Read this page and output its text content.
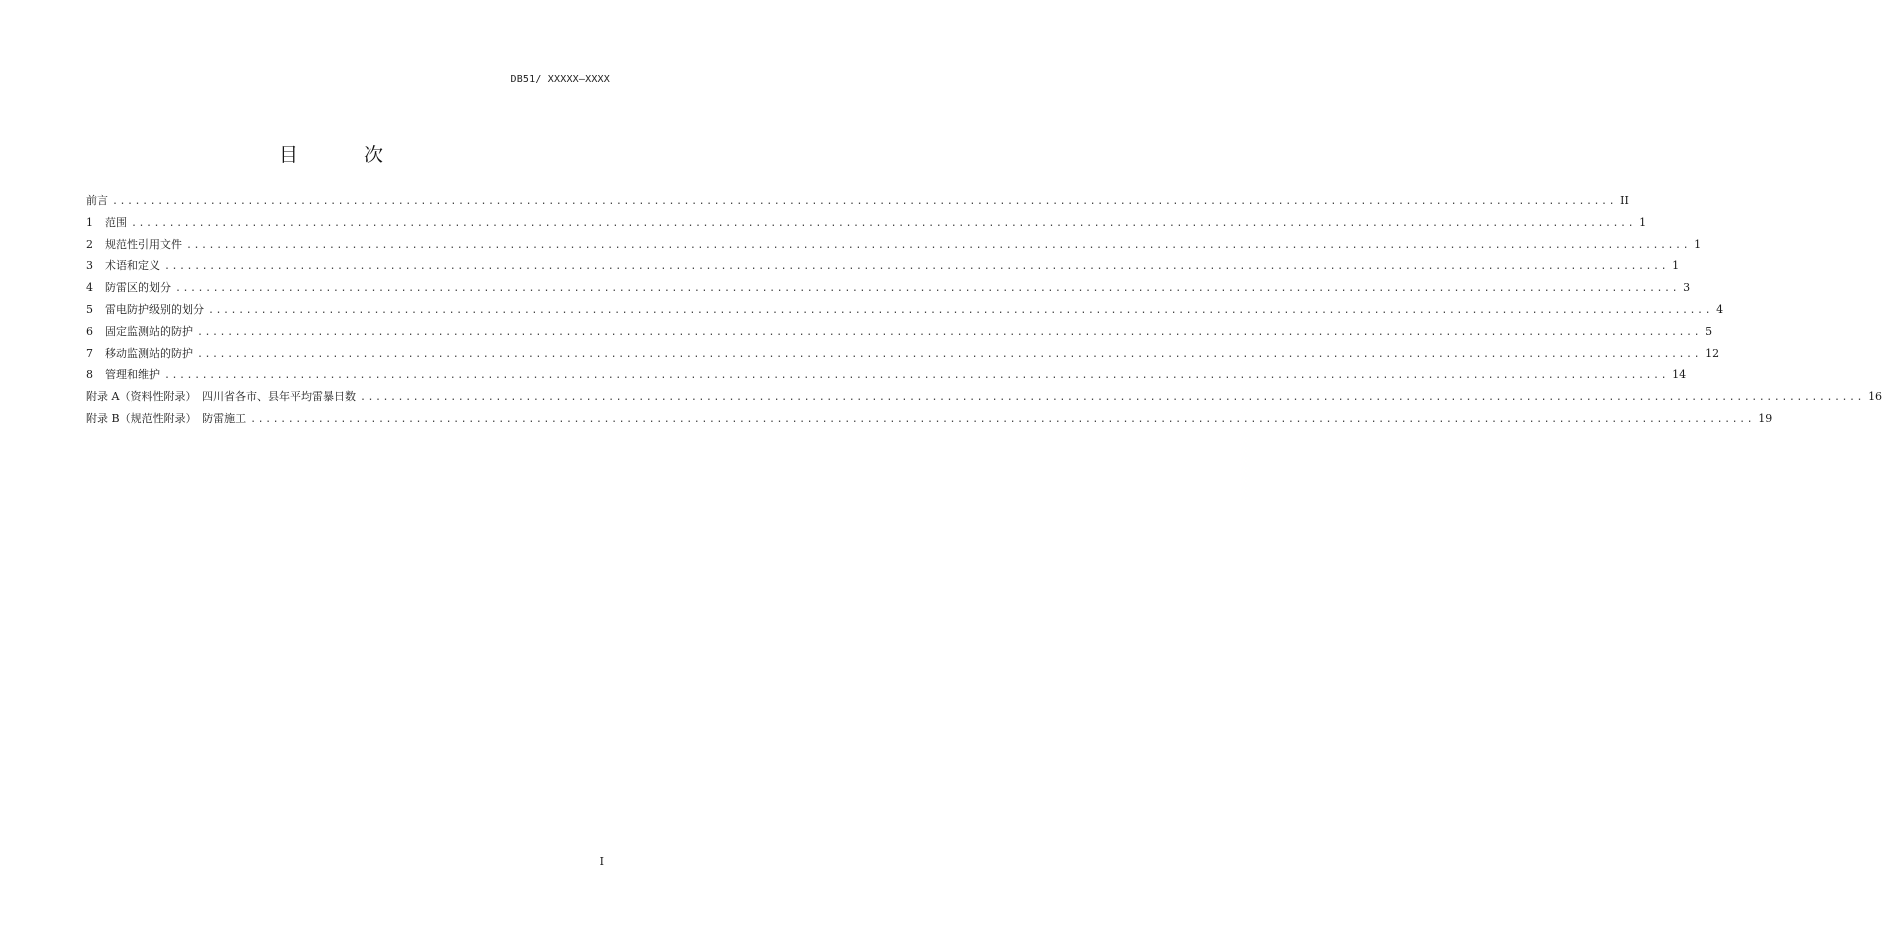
DB51/ XXXXX—XXXX
目 次
前言 ........................................................................................................................................................................................................ II
1 范围 ........................................................................................................................................................................................................ 1
2 规范性引用文件 ........................................................................................................................................................................................................ 1
3 术语和定义 ........................................................................................................................................................................................................ 1
4 防雷区的划分 ........................................................................................................................................................................................................ 3
5 雷电防护级别的划分 ........................................................................................................................................................................................................ 4
6 固定监测站的防护 ........................................................................................................................................................................................................ 5
7 移动监测站的防护 ........................................................................................................................................................................................................ 12
8 管理和维护 ........................................................................................................................................................................................................ 14
附录 A（资料性附录）　四川省各市、县年平均雷暴日数 ........................................................................................................................................................................................................ 16
附录 B（规范性附录）　防雷施工 ........................................................................................................................................................................................................ 19
I
